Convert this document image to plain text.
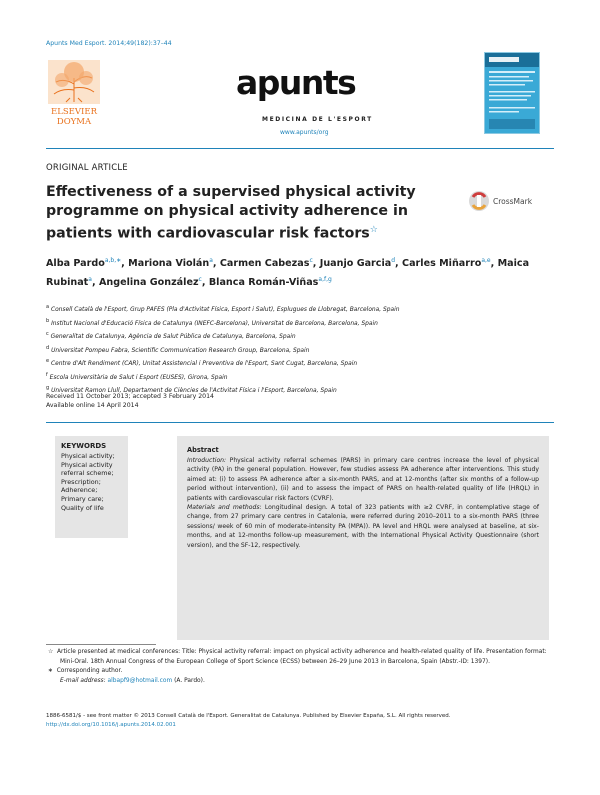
Apunts Med Esport. 2014;49(182):37–44
ELSEVIER
DOYMA
apunts
MEDICINA DE L'ESPORT
www.apunts/org
ORIGINAL ARTICLE
Effectiveness of a supervised physical activity programme on physical activity adherence in patients with cardiovascular risk factors☆
CrossMark
Alba Pardo$^{a,b,∗}$, Mariona Violán$^a$, Carmen Cabezas$^c$, Juanjo Garcia$^d$, Carles Miñarro$^{a,e}$, Maica Rubinat$^a$, Angelina González$^c$, Blanca Román-Viñas$^{a,f,g}$
$^a$ Consell Català de l'Esport, Grup PAFES (Pla d'Activitat Física, Esport i Salut), Esplugues de Llobregat, Barcelona, Spain
$^b$ Institut Nacional d'Educació Física de Catalunya (INEFC-Barcelona), Universitat de Barcelona, Barcelona, Spain
$^c$ Generalitat de Catalunya, Agència de Salut Pública de Catalunya, Barcelona, Spain
$^d$ Universitat Pompeu Fabra, Scientific Communication Research Group, Barcelona, Spain
$^e$ Centre d'Alt Rendiment (CAR), Unitat Assistencial i Preventiva de l'Esport, Sant Cugat, Barcelona, Spain
$^f$ Escola Universitària de Salut i Esport (EUSES), Girona, Spain
$^g$ Universitat Ramon Llull, Departament de Ciències de l'Activitat Física i l'Esport, Barcelona, Spain
Received 11 October 2013; accepted 3 February 2014
Available online 14 April 2014
KEYWORDS
Physical activity;
Physical activity referral scheme;
Prescription;
Adherence;
Primary care;
Quality of life
Abstract

Introduction: Physical activity referral schemes (PARS) in primary care centres increase the level of physical activity (PA) in the general population. However, few studies assess PA adherence after interventions. This study aimed at: (i) to assess PA adherence after a six-month PARS, and at 12-months (after six months of a follow-up period without intervention), (ii) and to assess the impact of PARS on health-related quality of life (HRQL) in patients with cardiovascular risk factors (CVRF).

Materials and methods: Longitudinal design. A total of 323 patients with ≥2 CVRF, in contemplative stage of change, from 27 primary care centres in Catalonia, were referred during 2010–2011 to a six-month PARS (three sessions/ week of 60 min of moderate-intensity PA (MPA)). PA level and HRQL were analysed at baseline, at six-months, and at 12-months follow-up measurement, with the International Physical Activity Questionnaire (short version), and the SF-12, respectively.

☆ Article presented at medical conferences: Title: Physical activity referral: impact on physical activity adherence and health-related quality of life. Presentation format: Mini-Oral. 18th Annual Congress of the European College of Sport Science (ECSS) between 26–29 June 2013 in Barcelona, Spain (Abstr.-ID: 1397).
∗ Corresponding author.
E-mail address: albapf9@hotmail.com (A. Pardo).
1886-6581/$ - see front matter © 2013 Consell Català de l'Esport. Generalitat de Catalunya. Published by Elsevier España, S.L. All rights reserved.
http://dx.doi.org/10.1016/j.apunts.2014.02.001
